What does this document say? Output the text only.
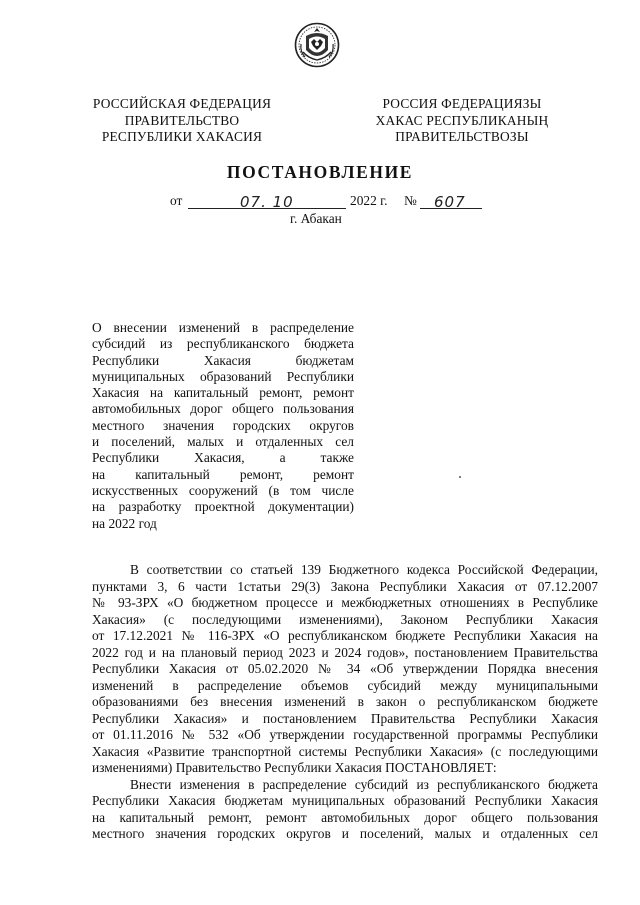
РОССИЙСКАЯ ФЕДЕРАЦИЯ
ПРАВИТЕЛЬСТВО
РЕСПУБЛИКИ ХАКАСИЯ
РОССИЯ ФЕДЕРАЦИЯЗЫ
ХАКАС РЕСПУБЛИКАНЫҢ
ПРАВИТЕЛЬСТВОЗЫ
ПОСТАНОВЛЕНИЕ
от	07. 10	2022 г. № 607
г. Абакан
О внесении изменений в распределение
субсидий из республиканского бюджета
Республики Хакасия бюджетам
муниципальных образований Республики
Хакасия на капитальный ремонт, ремонт
автомобильных дорог общего пользования
местного значения городских округов
и поселений, малых и отдаленных сел
Республики Хакасия, а также
на капитальный ремонт, ремонт
искусственных сооружений (в том числе
на разработку проектной документации)
на 2022 год
В соответствии со статьей 139 Бюджетного кодекса Российской Федерации,
пунктами 3, 6 части 1статьи 29(3) Закона Республики Хакасия от 07.12.2007
№ 93-ЗРХ «О бюджетном процессе и межбюджетных отношениях в Республике
Хакасия» (с последующими изменениями), Законом Республики Хакасия
от 17.12.2021 № 116-ЗРХ «О республиканском бюджете Республики Хакасия на
2022 год и на плановый период 2023 и 2024 годов», постановлением Правительства
Республики Хакасия от 05.02.2020 № 34 «Об утверждении Порядка внесения
изменений в распределение объемов субсидий между муниципальными
образованиями без внесения изменений в закон о республиканском бюджете
Республики Хакасия» и постановлением Правительства Республики Хакасия
от 01.11.2016 № 532 «Об утверждении государственной программы Республики
Хакасия «Развитие транспортной системы Республики Хакасия» (с последующими
изменениями) Правительство Республики Хакасия ПОСТАНОВЛЯЕТ:
Внести изменения в распределение субсидий из республиканского бюджета
Республики Хакасия бюджетам муниципальных образований Республики Хакасия
на капитальный ремонт, ремонт автомобильных дорог общего пользования
местного значения городских округов и поселений, малых и отдаленных сел
